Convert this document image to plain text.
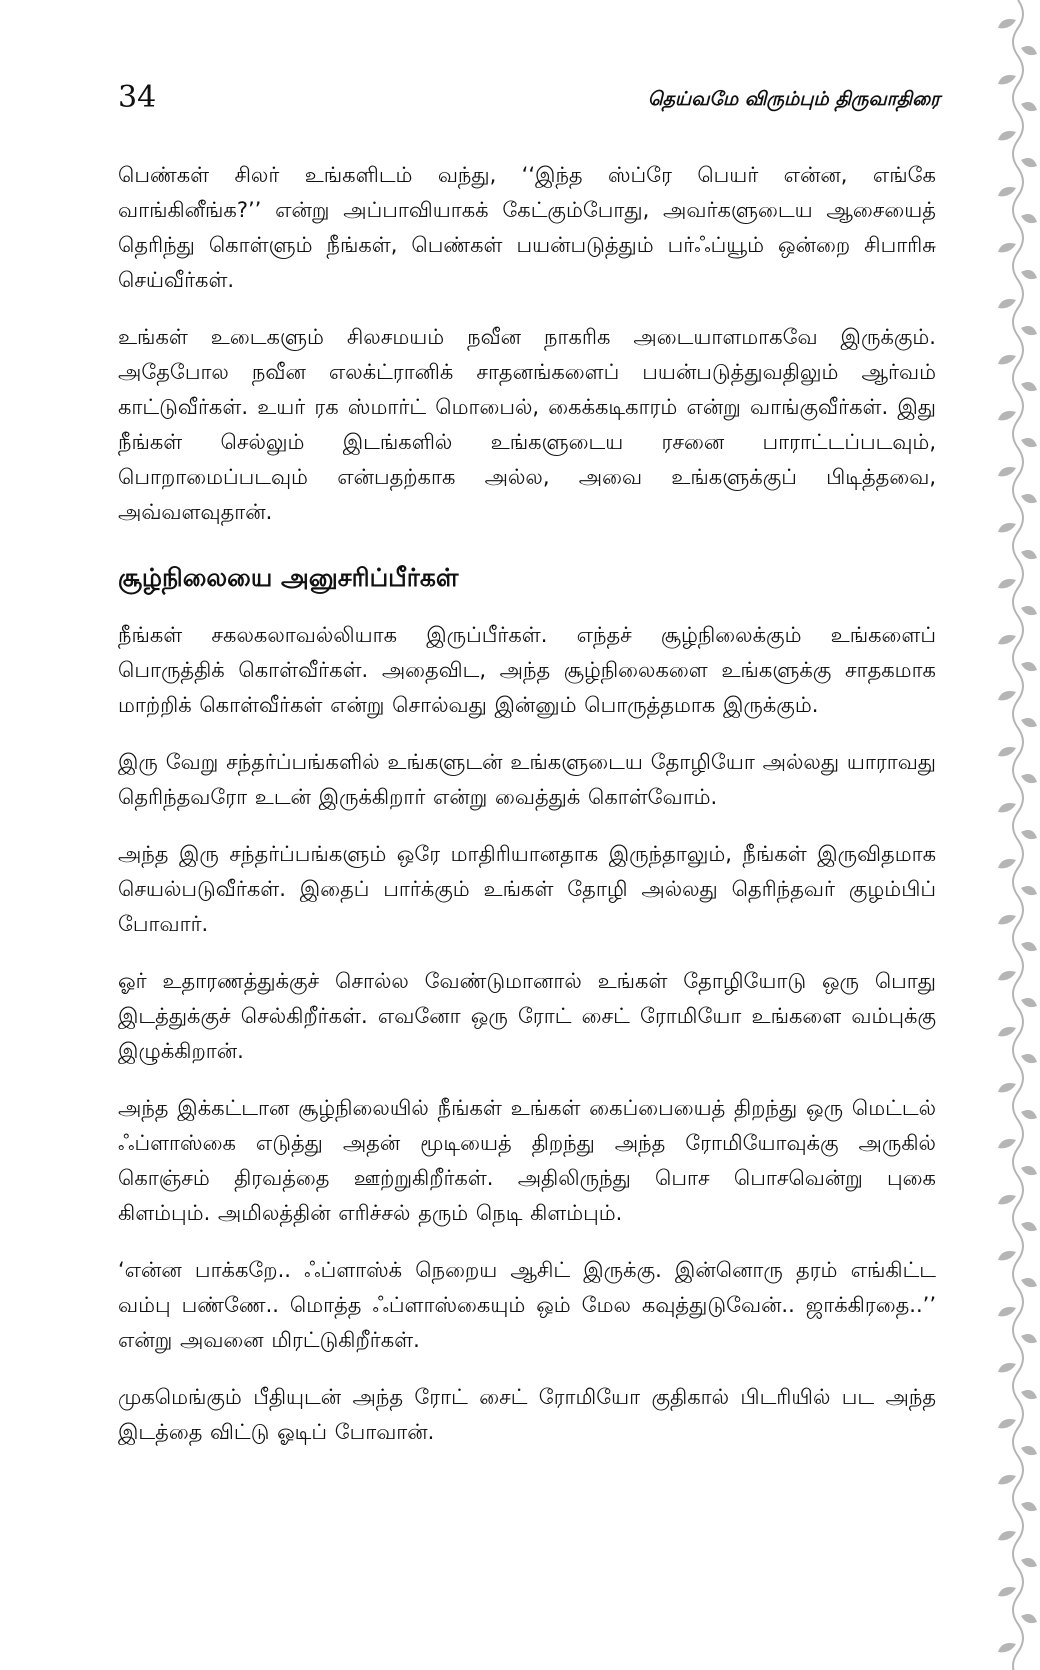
34	தெய்வமே விரும்பும் திருவாதிரை

பெண்கள் சிலர் உங்களிடம் வந்து, ‘‘இந்த ஸ்ப்ரே பெயர் என்ன, எங்கே வாங்கினீங்க?’’ என்று அப்பாவியாகக் கேட்கும்போது, அவர்களுடைய ஆசையைத் தெரிந்து கொள்ளும் நீங்கள், பெண்கள் பயன்படுத்தும் பர்ஃப்யூம் ஒன்றை சிபாரிசு செய்வீர்கள்.

உங்கள் உடைகளும் சிலசமயம் நவீன நாகரிக அடையாளமாகவே இருக்கும். அதேபோல நவீன எலக்ட்ரானிக் சாதனங்களைப் பயன்படுத்துவதிலும் ஆர்வம் காட்டுவீர்கள். உயர் ரக ஸ்மார்ட் மொபைல், கைக்கடிகாரம் என்று வாங்குவீர்கள். இது நீங்கள் செல்லும் இடங்களில் உங்களுடைய ரசனை பாராட்டப்படவும், பொறாமைப்படவும் என்பதற்காக அல்ல, அவை உங்களுக்குப் பிடித்தவை, அவ்வளவுதான்.

சூழ்நிலையை அனுசரிப்பீர்கள்

நீங்கள் சகலகலாவல்லியாக இருப்பீர்கள். எந்தச் சூழ்நிலைக்கும் உங்களைப் பொருத்திக் கொள்வீர்கள். அதைவிட, அந்த சூழ்நிலைகளை உங்களுக்கு சாதகமாக மாற்றிக் கொள்வீர்கள் என்று சொல்வது இன்னும் பொருத்தமாக இருக்கும்.

இரு வேறு சந்தர்ப்பங்களில் உங்களுடன் உங்களுடைய தோழியோ அல்லது யாராவது தெரிந்தவரோ உடன் இருக்கிறார் என்று வைத்துக் கொள்வோம்.

அந்த இரு சந்தர்ப்பங்களும் ஒரே மாதிரியானதாக இருந்தாலும், நீங்கள் இருவிதமாக செயல்படுவீர்கள். இதைப் பார்க்கும் உங்கள் தோழி அல்லது தெரிந்தவர் குழம்பிப் போவார்.

ஓர் உதாரணத்துக்குச் சொல்ல வேண்டுமானால் உங்கள் தோழியோடு ஒரு பொது இடத்துக்குச் செல்கிறீர்கள். எவனோ ஒரு ரோட் சைட் ரோமியோ உங்களை வம்புக்கு இழுக்கிறான்.

அந்த இக்கட்டான சூழ்நிலையில் நீங்கள் உங்கள் கைப்பையைத் திறந்து ஒரு மெட்டல் ஃப்ளாஸ்கை எடுத்து அதன் மூடியைத் திறந்து அந்த ரோமியோவுக்கு அருகில் கொஞ்சம் திரவத்தை ஊற்றுகிறீர்கள். அதிலிருந்து பொச பொசவென்று புகை கிளம்பும். அமிலத்தின் எரிச்சல் தரும் நெடி கிளம்பும்.

‘என்ன பாக்கறே.. ஃப்ளாஸ்க் நெறைய ஆசிட் இருக்கு. இன்னொரு தரம் எங்கிட்ட வம்பு பண்ணே.. மொத்த ஃப்ளாஸ்கையும் ஒம் மேல கவுத்துடுவேன்.. ஜாக்கிரதை..’’ என்று அவனை மிரட்டுகிறீர்கள்.

முகமெங்கும் பீதியுடன் அந்த ரோட் சைட் ரோமியோ குதிகால் பிடரியில் பட அந்த இடத்தை விட்டு ஓடிப் போவான்.
